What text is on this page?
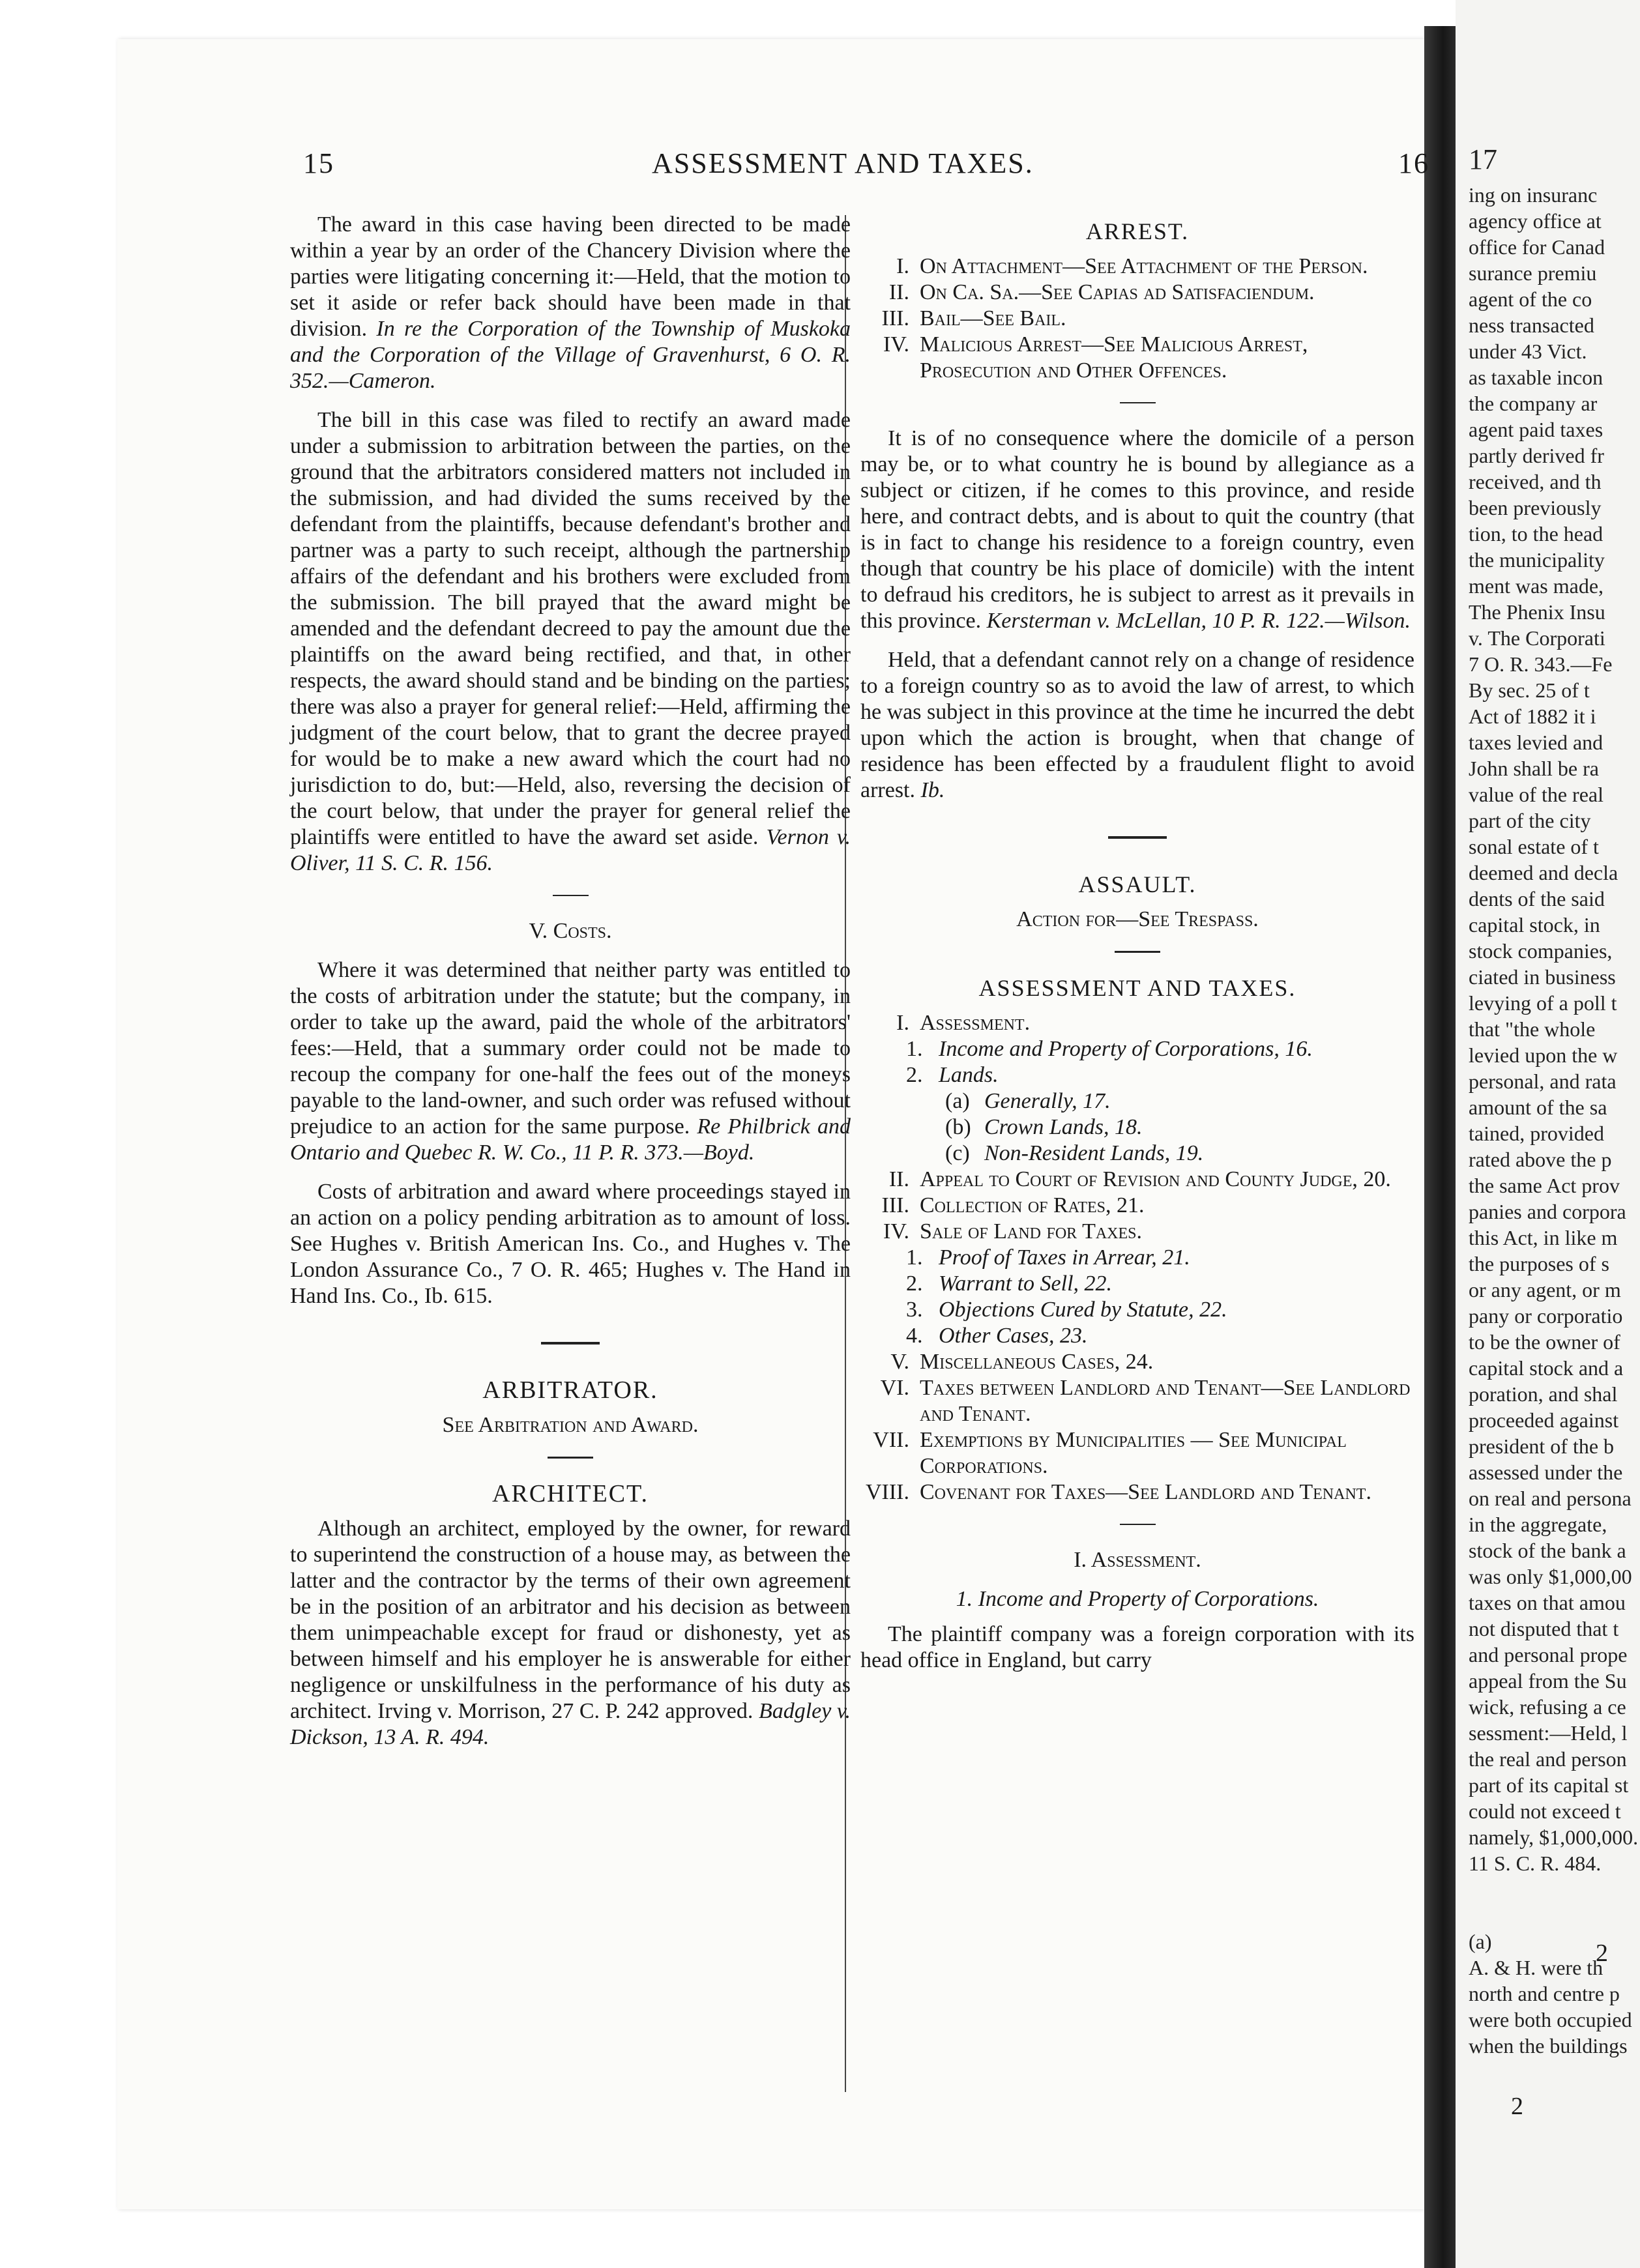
17
ing on insuranc
agency office at
office for Canad
surance premiu
agent of the co
ness transacted
under 43 Vict.
as taxable incon
the company ar
agent paid taxes
partly derived fr
received, and th
been previously
tion, to the head
the municipality
ment was made,
The Phenix Insu
v. The Corporati
7 O. R. 343.—Fe
By sec. 25 of t
Act of 1882 it i
taxes levied and
John shall be ra
value of the real
part of the city
sonal estate of t
deemed and decla
dents of the said
capital stock, in
stock companies,
ciated in business
levying of a poll t
that "the whole
levied upon the w
personal, and rata
amount of the sa
tained, provided
rated above the p
the same Act prov
panies and corpora
this Act, in like m
the purposes of s
or any agent, or m
pany or corporatio
to be the owner of
capital stock and a
poration, and shal
proceeded against
president of the b
assessed under the
on real and persona
in the aggregate,
stock of the bank a
was only $1,000,00
taxes on that amou
not disputed that t
and personal prope
appeal from the Su
wick, refusing a ce
sessment:—Held, l
the real and person
part of its capital st
could not exceed t
namely, $1,000,000.
11 S. C. R. 484.

(a)
A. & H. were th
north and centre p
were both occupied
when the buildings
2
2
15	ASSESSMENT AND TAXES.	16

The award in this case having been directed to be made within a year by an order of the Chancery Division where the parties were litigating concerning it:—Held, that the motion to set it aside or refer back should have been made in that division. In re the Corporation of the Township of Muskoka and the Corporation of the Village of Gravenhurst, 6 O. R. 352.—Cameron.

The bill in this case was filed to rectify an award made under a submission to arbitration between the parties, on the ground that the arbitrators considered matters not included in the submission, and had divided the sums received by the defendant from the plaintiffs, because defendant's brother and partner was a party to such receipt, although the partnership affairs of the defendant and his brothers were excluded from the submission. The bill prayed that the award might be amended and the defendant decreed to pay the amount due the plaintiffs on the award being rectified, and that, in other respects, the award should stand and be binding on the parties; there was also a prayer for general relief:—Held, affirming the judgment of the court below, that to grant the decree prayed for would be to make a new award which the court had no jurisdiction to do, but:—Held, also, reversing the decision of the court below, that under the prayer for general relief the plaintiffs were entitled to have the award set aside. Vernon v. Oliver, 11 S. C. R. 156.

V. Costs.

Where it was determined that neither party was entitled to the costs of arbitration under the statute; but the company, in order to take up the award, paid the whole of the arbitrators' fees:—Held, that a summary order could not be made to recoup the company for one-half the fees out of the moneys payable to the land-owner, and such order was refused without prejudice to an action for the same purpose. Re Philbrick and Ontario and Quebec R. W. Co., 11 P. R. 373.—Boyd.

Costs of arbitration and award where proceedings stayed in an action on a policy pending arbitration as to amount of loss. See Hughes v. British American Ins. Co., and Hughes v. The London Assurance Co., 7 O. R. 465; Hughes v. The Hand in Hand Ins. Co., Ib. 615.

ARBITRATOR.
See Arbitration and Award.
ARCHITECT.

Although an architect, employed by the owner, for reward to superintend the construction of a house may, as between the latter and the contractor by the terms of their own agreement be in the position of an arbitrator and his decision as between them unimpeachable except for fraud or dishonesty, yet as between himself and his employer he is answerable for either negligence or unskilfulness in the performance of his duty as architect. Irving v. Morrison, 27 C. P. 242 approved. Badgley v. Dickson, 13 A. R. 494.

ARREST.
I. On Attachment—See Attachment of the Person.
II. On Ca. Sa.—See Capias ad Satisfaciendum.
III. Bail—See Bail.
IV. Malicious Arrest—See Malicious Arrest, Prosecution and Other Offences.

It is of no consequence where the domicile of a person may be, or to what country he is bound by allegiance as a subject or citizen, if he comes to this province, and reside here, and contract debts, and is about to quit the country (that is in fact to change his residence to a foreign country, even though that country be his place of domicile) with the intent to defraud his creditors, he is subject to arrest as it prevails in this province. Kersterman v. McLellan, 10 P. R. 122.—Wilson.

Held, that a defendant cannot rely on a change of residence to a foreign country so as to avoid the law of arrest, to which he was subject in this province at the time he incurred the debt upon which the action is brought, when that change of residence has been effected by a fraudulent flight to avoid arrest. Ib.

ASSAULT.
Action for—See Trespass.
ASSESSMENT AND TAXES.
I. Assessment.
1. Income and Property of Corporations, 16.
2. Lands.
(a) Generally, 17.
(b) Crown Lands, 18.
(c) Non-Resident Lands, 19.
II. Appeal to Court of Revision and County Judge, 20.
III. Collection of Rates, 21.
IV. Sale of Land for Taxes.
1. Proof of Taxes in Arrear, 21.
2. Warrant to Sell, 22.
3. Objections Cured by Statute, 22.
4. Other Cases, 23.
V. Miscellaneous Cases, 24.
VI. Taxes between Landlord and Tenant—See Landlord and Tenant.
VII. Exemptions by Municipalities — See Municipal Corporations.
VIII. Covenant for Taxes—See Landlord and Tenant.
I. Assessment.
1. Income and Property of Corporations.

The plaintiff company was a foreign corporation with its head office in England, but carry
